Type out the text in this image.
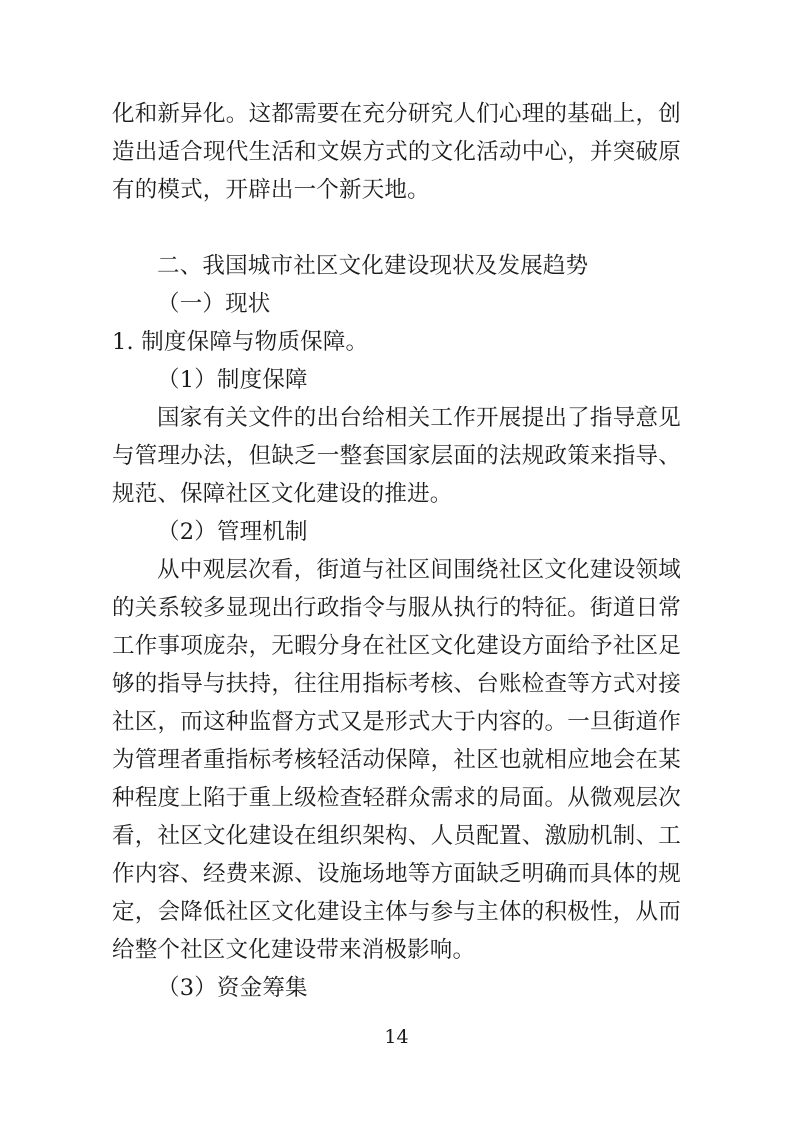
化和新异化。这都需要在充分研究人们心理的基础上，创造出适合现代生活和文娱方式的文化活动中心，并突破原有的模式，开辟出一个新天地。

二、我国城市社区文化建设现状及发展趋势

（一）现状

1. 制度保障与物质保障。

（1）制度保障

国家有关文件的出台给相关工作开展提出了指导意见与管理办法，但缺乏一整套国家层面的法规政策来指导、规范、保障社区文化建设的推进。

（2）管理机制

从中观层次看，街道与社区间围绕社区文化建设领域的关系较多显现出行政指令与服从执行的特征。街道日常工作事项庞杂，无暇分身在社区文化建设方面给予社区足够的指导与扶持，往往用指标考核、台账检查等方式对接社区，而这种监督方式又是形式大于内容的。一旦街道作为管理者重指标考核轻活动保障，社区也就相应地会在某种程度上陷于重上级检查轻群众需求的局面。从微观层次看，社区文化建设在组织架构、人员配置、激励机制、工作内容、经费来源、设施场地等方面缺乏明确而具体的规定，会降低社区文化建设主体与参与主体的积极性，从而给整个社区文化建设带来消极影响。

（3）资金筹集

14
